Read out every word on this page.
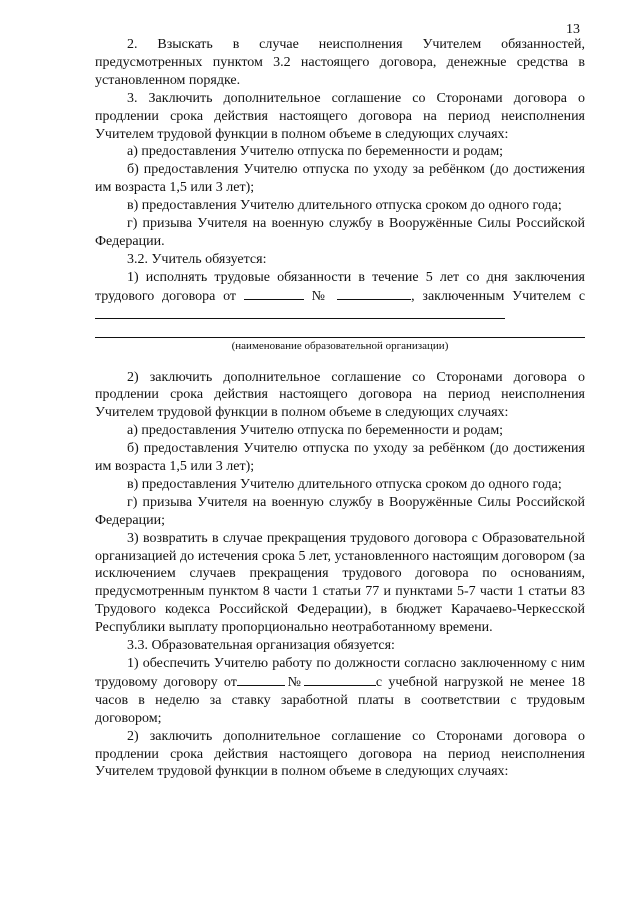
13

2. Взыскать в случае неисполнения Учителем обязанностей, предусмотренных пунктом 3.2 настоящего договора, денежные средства в установленном порядке.

3. Заключить дополнительное соглашение со Сторонами договора о продлении срока действия настоящего договора на период неисполнения Учителем трудовой функции в полном объеме в следующих случаях:

а) предоставления Учителю отпуска по беременности и родам;

б) предоставления Учителю отпуска по уходу за ребёнком (до достижения им возраста 1,5 или 3 лет);

в) предоставления Учителю длительного отпуска сроком до одного года;

г) призыва Учителя на военную службу в Вооружённые Силы Российской Федерации.

3.2. Учитель обязуется:

1) исполнять трудовые обязанности в течение 5 лет со дня заключения трудового договора от	№	, заключенным Учителем с

(наименование образовательной организации)

2) заключить дополнительное соглашение со Сторонами договора о продлении срока действия настоящего договора на период неисполнения Учителем трудовой функции в полном объеме в следующих случаях:

а) предоставления Учителю отпуска по беременности и родам;

б) предоставления Учителю отпуска по уходу за ребёнком (до достижения им возраста 1,5 или 3 лет);

в) предоставления Учителю длительного отпуска сроком до одного года;

г) призыва Учителя на военную службу в Вооружённые Силы Российской Федерации;

3) возвратить в случае прекращения трудового договора с Образовательной организацией до истечения срока 5 лет, установленного настоящим договором (за исключением случаев прекращения трудового договора по основаниям, предусмотренным пунктом 8 части 1 статьи 77 и пунктами 5-7 части 1 статьи 83 Трудового кодекса Российской Федерации), в бюджет Карачаево-Черкесской Республики выплату пропорционально неотработанному времени.

3.3. Образовательная организация обязуется:

1) обеспечить Учителю работу по должности согласно заключенному с ним трудовому договору от	№	с учебной нагрузкой не менее 18 часов в неделю за ставку заработной платы в соответствии с трудовым договором;

2) заключить дополнительное соглашение со Сторонами договора о продлении срока действия настоящего договора на период неисполнения Учителем трудовой функции в полном объеме в следующих случаях:
